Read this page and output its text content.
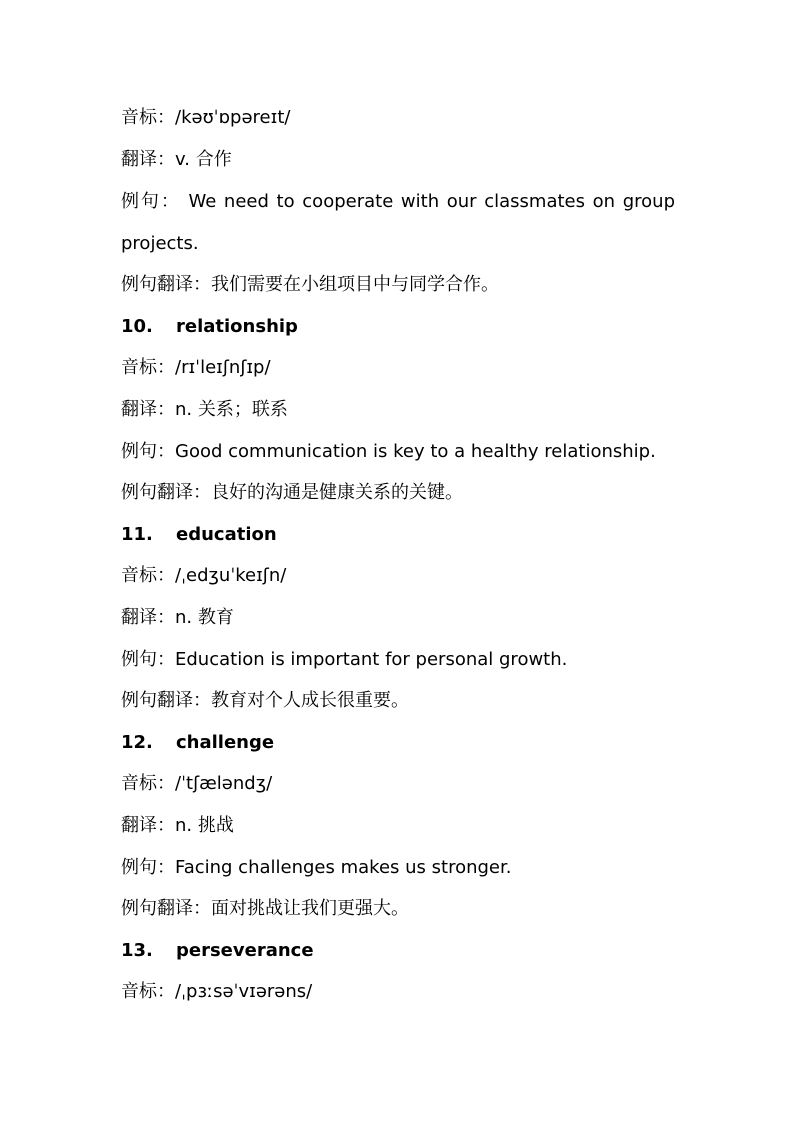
音标：/kəʊˈɒpəreɪt/
翻译：v. 合作
例句： We need to cooperate with our classmates on group
projects.
例句翻译：我们需要在小组项目中与同学合作。
10. relationship
音标：/rɪˈleɪʃnʃɪp/
翻译：n. 关系；联系
例句：Good communication is key to a healthy relationship.
例句翻译：良好的沟通是健康关系的关键。
11. education
音标：/ˌedʒuˈkeɪʃn/
翻译：n. 教育
例句：Education is important for personal growth.
例句翻译：教育对个人成长很重要。
12. challenge
音标：/ˈtʃæləndʒ/
翻译：n. 挑战
例句：Facing challenges makes us stronger.
例句翻译：面对挑战让我们更强大。
13. perseverance
音标：/ˌpɜːsəˈvɪərəns/
